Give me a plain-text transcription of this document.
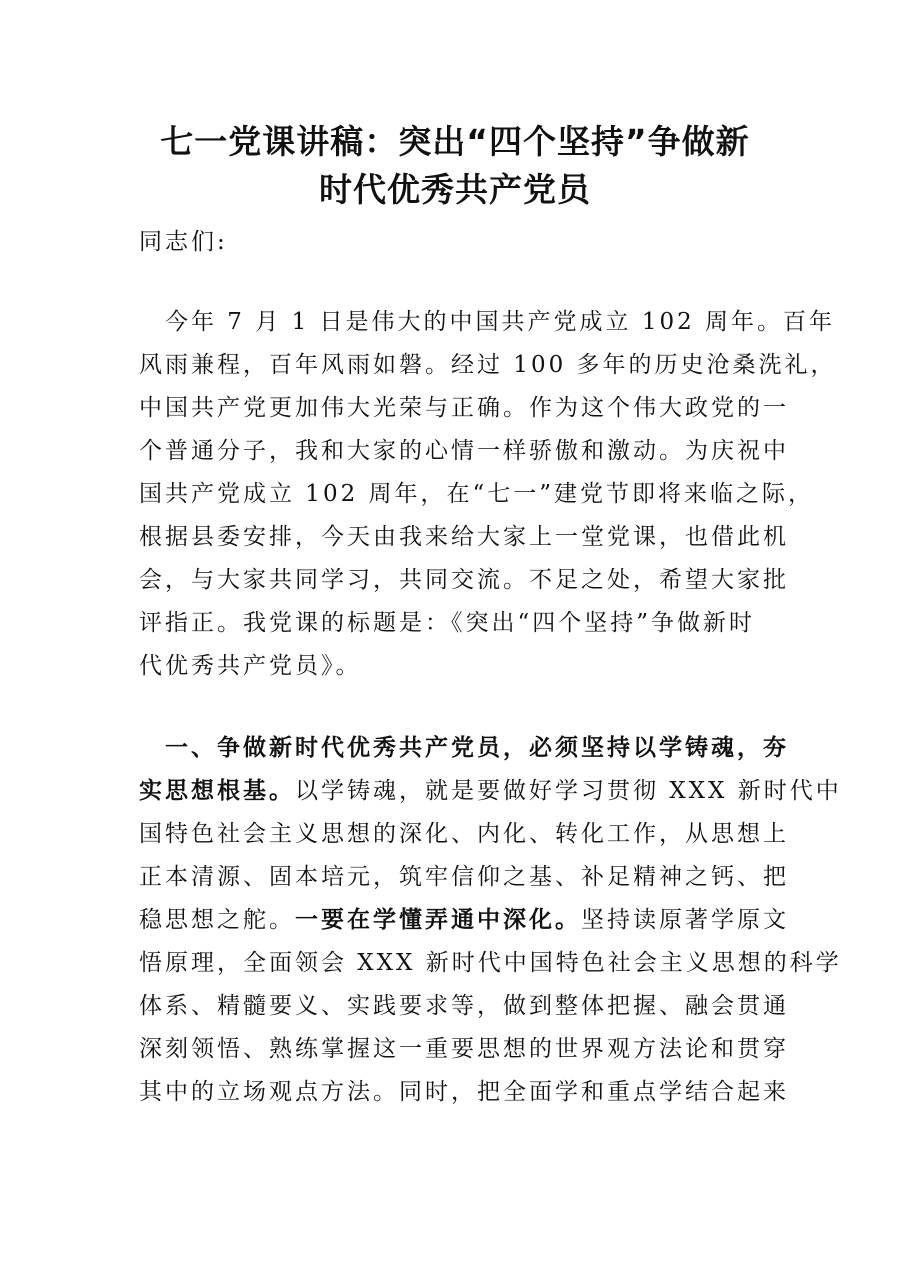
七一党课讲稿：突出“四个坚持”争做新
时代优秀共产党员

同志们:

　今年 7 月 1 日是伟大的中国共产党成立 102 周年。百年

风雨兼程，百年风雨如磐。经过 100 多年的历史沧桑洗礼，

中国共产党更加伟大光荣与正确。作为这个伟大政党的一

个普通分子，我和大家的心情一样骄傲和激动。为庆祝中

国共产党成立 102 周年，在“七一”建党节即将来临之际，

根据县委安排，今天由我来给大家上一堂党课，也借此机

会，与大家共同学习，共同交流。不足之处，希望大家批

评指正。我党课的标题是：《突出“四个坚持”争做新时

代优秀共产党员》。

　一、争做新时代优秀共产党员，必须坚持以学铸魂，夯

实思想根基。以学铸魂，就是要做好学习贯彻 XXX 新时代中

国特色社会主义思想的深化、内化、转化工作，从思想上

正本清源、固本培元，筑牢信仰之基、补足精神之钙、把

稳思想之舵。一要在学懂弄通中深化。坚持读原著学原文

悟原理，全面领会 XXX 新时代中国特色社会主义思想的科学

体系、精髓要义、实践要求等，做到整体把握、融会贯通

深刻领悟、熟练掌握这一重要思想的世界观方法论和贯穿

其中的立场观点方法。同时，把全面学和重点学结合起来
